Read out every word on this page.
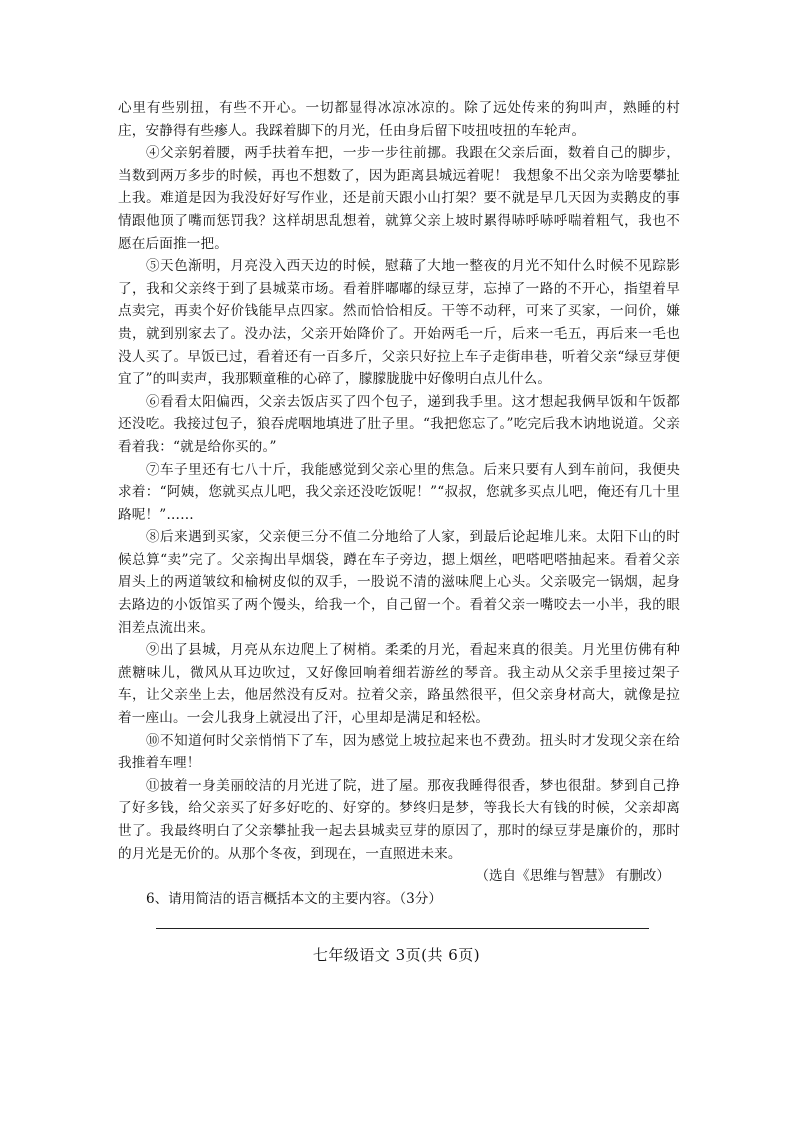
心里有些别扭，有些不开心。一切都显得冰凉冰凉的。除了远处传来的狗叫声，熟睡的村庄，安静得有些瘆人。我踩着脚下的月光，任由身后留下吱扭吱扭的车轮声。

④父亲躬着腰，两手扶着车把，一步一步往前挪。我跟在父亲后面，数着自己的脚步，当数到两万多步的时候，再也不想数了，因为距离县城远着呢！ 我想象不出父亲为啥要攀扯上我。难道是因为我没好好写作业，还是前天跟小山打架？要不就是早几天因为卖鹅皮的事情跟他顶了嘴而惩罚我？这样胡思乱想着，就算父亲上坡时累得哧呼哧呼喘着粗气，我也不愿在后面推一把。

⑤天色渐明，月亮没入西天边的时候，慰藉了大地一整夜的月光不知什么时候不见踪影了，我和父亲终于到了县城菜市场。看着胖嘟嘟的绿豆芽，忘掉了一路的不开心，指望着早点卖完，再卖个好价钱能早点四家。然而恰恰相反。干等不动秤，可来了买家，一问价，嫌贵，就到别家去了。没办法，父亲开始降价了。开始两毛一斤，后来一毛五，再后来一毛也没人买了。早饭已过，看着还有一百多斤，父亲只好拉上车子走街串巷，听着父亲“绿豆芽便宜了”的叫卖声，我那颗童稚的心碎了，朦朦胧胧中好像明白点儿什么。

⑥看看太阳偏西，父亲去饭店买了四个包子，递到我手里。这才想起我俩早饭和午饭都还没吃。我接过包子，狼吞虎咽地填进了肚子里。“我把您忘了。”吃完后我木讷地说道。父亲看着我：“就是给你买的。”

⑦车子里还有七八十斤，我能感觉到父亲心里的焦急。后来只要有人到车前问，我便央求着：“阿姨，您就买点儿吧，我父亲还没吃饭呢！”“叔叔，您就多买点儿吧，俺还有几十里路呢！”……

⑧后来遇到买家，父亲便三分不值二分地给了人家，到最后论起堆儿来。太阳下山的时候总算“卖”完了。父亲掏出旱烟袋，蹲在车子旁边，摁上烟丝，吧嗒吧嗒抽起来。看着父亲眉头上的两道皱纹和榆树皮似的双手，一股说不清的滋味爬上心头。父亲吸完一锅烟，起身去路边的小饭馆买了两个馒头，给我一个，自己留一个。看着父亲一嘴咬去一小半，我的眼泪差点流出来。

⑨出了县城，月亮从东边爬上了树梢。柔柔的月光，看起来真的很美。月光里仿佛有种蔗糖味儿，微风从耳边吹过，又好像回响着细若游丝的琴音。我主动从父亲手里接过架子车，让父亲坐上去，他居然没有反对。拉着父亲，路虽然很平，但父亲身材高大，就像是拉着一座山。一会儿我身上就浸出了汗，心里却是满足和轻松。

⑩不知道何时父亲悄悄下了车，因为感觉上坡拉起来也不费劲。扭头时才发现父亲在给我推着车哩！

⑪披着一身美丽皎洁的月光进了院，进了屋。那夜我睡得很香，梦也很甜。梦到自己挣了好多钱，给父亲买了好多好吃的、好穿的。梦终归是梦，等我长大有钱的时候，父亲却离世了。我最终明白了父亲攀扯我一起去县城卖豆芽的原因了，那时的绿豆芽是廉价的，那时的月光是无价的。从那个冬夜，到现在，一直照进未来。

（选自《思维与智慧》 有删改）

6、请用简洁的语言概括本文的主要内容。（3分）

七年级语文 3页(共 6页)
